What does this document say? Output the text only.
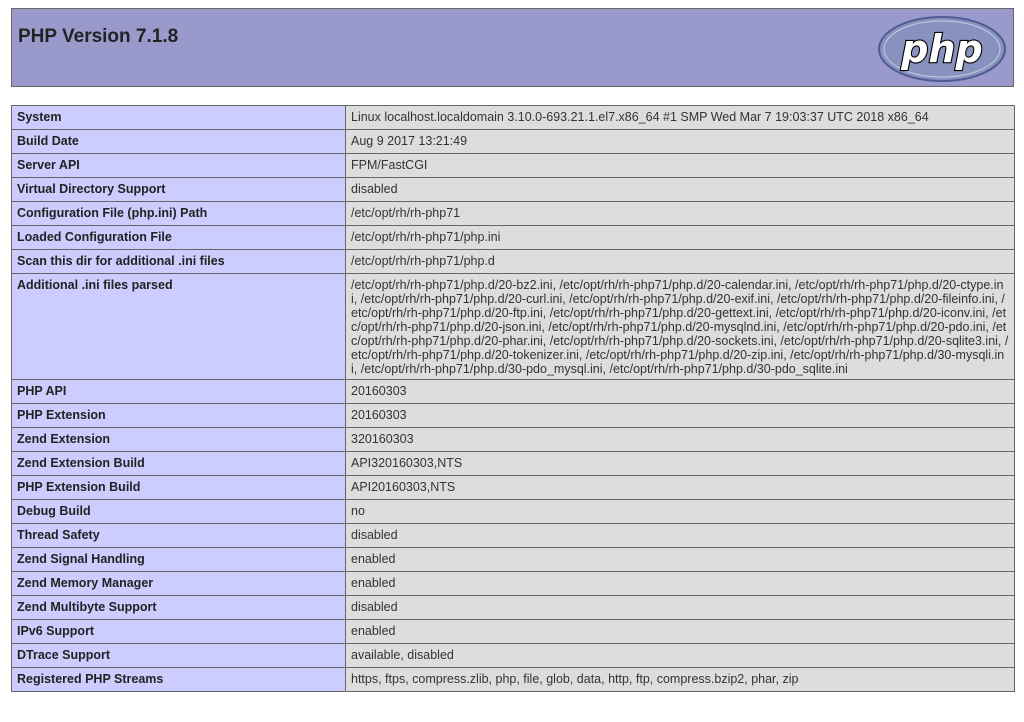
PHP Version 7.1.8	php
System	Linux localhost.localdomain 3.10.0-693.21.1.el7.x86_64 #1 SMP Wed Mar 7 19:03:37 UTC 2018 x86_64
Build Date	Aug 9 2017 13:21:49
Server API	FPM/FastCGI
Virtual Directory Support	disabled
Configuration File (php.ini) Path	/etc/opt/rh/rh-php71
Loaded Configuration File	/etc/opt/rh/rh-php71/php.ini
Scan this dir for additional .ini files	/etc/opt/rh/rh-php71/php.d
Additional .ini files parsed	/etc/opt/rh/rh-php71/php.d/20-bz2.ini, /etc/opt/rh/rh-php71/php.d/20-calendar.ini, /etc/opt/rh/rh-php71/php.d/20-ctype.ini, /etc/opt/rh/rh-php71/php.d/20-curl.ini, /etc/opt/rh/rh-php71/php.d/20-exif.ini, /etc/opt/rh/rh-php71/php.d/20-fileinfo.ini, /etc/opt/rh/rh-php71/php.d/20-ftp.ini, /etc/opt/rh/rh-php71/php.d/20-gettext.ini, /etc/opt/rh/rh-php71/php.d/20-iconv.ini, /etc/opt/rh/rh-php71/php.d/20-json.ini, /etc/opt/rh/rh-php71/php.d/20-mysqlnd.ini, /etc/opt/rh/rh-php71/php.d/20-pdo.ini, /etc/opt/rh/rh-php71/php.d/20-phar.ini, /etc/opt/rh/rh-php71/php.d/20-sockets.ini, /etc/opt/rh/rh-php71/php.d/20-sqlite3.ini, /etc/opt/rh/rh-php71/php.d/20-tokenizer.ini, /etc/opt/rh/rh-php71/php.d/20-zip.ini, /etc/opt/rh/rh-php71/php.d/30-mysqli.ini, /etc/opt/rh/rh-php71/php.d/30-pdo_mysql.ini, /etc/opt/rh/rh-php71/php.d/30-pdo_sqlite.ini
PHP API	20160303
PHP Extension	20160303
Zend Extension	320160303
Zend Extension Build	API320160303,NTS
PHP Extension Build	API20160303,NTS
Debug Build	no
Thread Safety	disabled
Zend Signal Handling	enabled
Zend Memory Manager	enabled
Zend Multibyte Support	disabled
IPv6 Support	enabled
DTrace Support	available, disabled
Registered PHP Streams	https, ftps, compress.zlib, php, file, glob, data, http, ftp, compress.bzip2, phar, zip
